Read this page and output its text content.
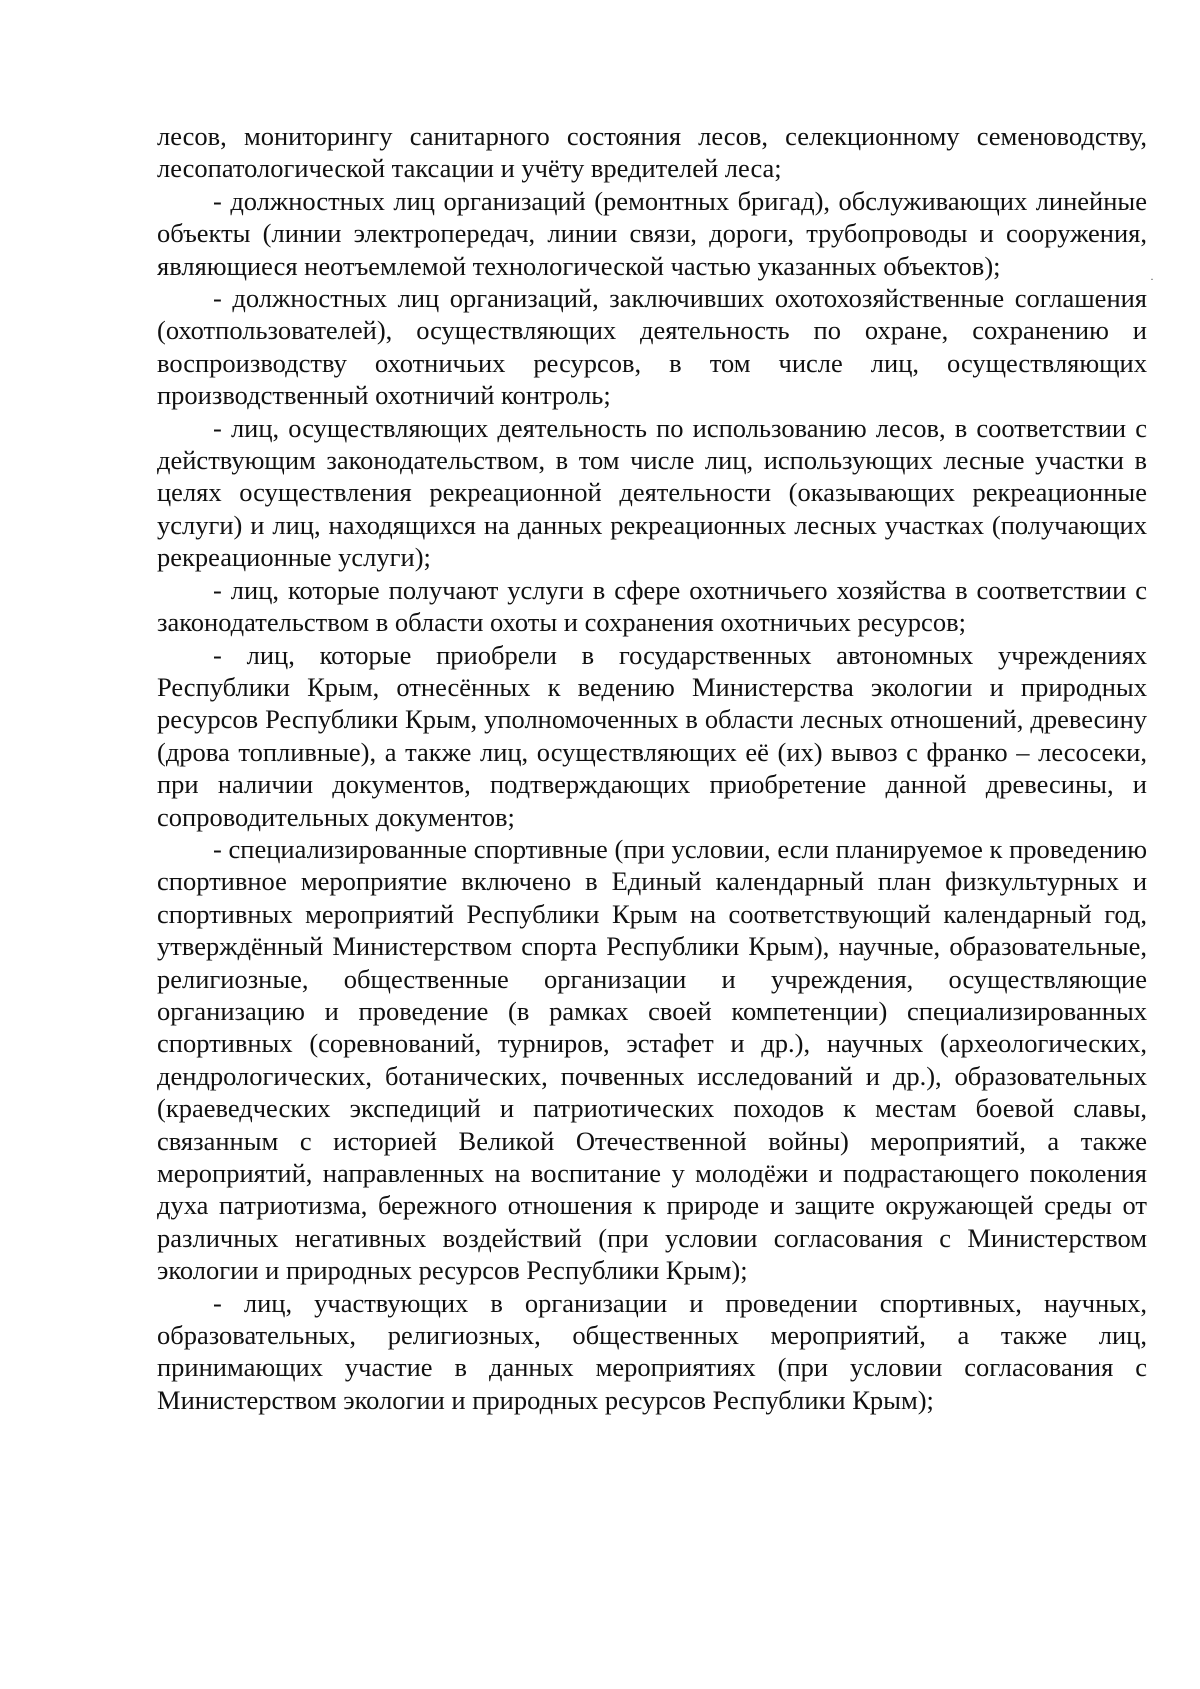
лесов, мониторингу санитарного состояния лесов, селекционному семеноводству, лесопатологической таксации и учёту вредителей леса;

- должностных лиц организаций (ремонтных бригад), обслуживающих линейные объекты (линии электропередач, линии связи, дороги, трубопроводы и сооружения, являющиеся неотъемлемой технологической частью указанных объектов);

- должностных лиц организаций, заключивших охотохозяйственные соглашения (охотпользователей), осуществляющих деятельность по охране, сохранению и воспроизводству охотничьих ресурсов, в том числе лиц, осуществляющих производственный охотничий контроль;

- лиц, осуществляющих деятельность по использованию лесов, в соответствии с действующим законодательством, в том числе лиц, использующих лесные участки в целях осуществления рекреационной деятельности (оказывающих рекреационные услуги) и лиц, находящихся на данных рекреационных лесных участках (получающих рекреационные услуги);

- лиц, которые получают услуги в сфере охотничьего хозяйства в соответствии с законодательством в области охоты и сохранения охотничьих ресурсов;

- лиц, которые приобрели в государственных автономных учреждениях Республики Крым, отнесённых к ведению Министерства экологии и природных ресурсов Республики Крым, уполномоченных в области лесных отношений, древесину (дрова топливные), а также лиц, осуществляющих её (их) вывоз с франко – лесосеки, при наличии документов, подтверждающих приобретение данной древесины, и сопроводительных документов;

- специализированные спортивные (при условии, если планируемое к проведению спортивное мероприятие включено в Единый календарный план физкультурных и спортивных мероприятий Республики Крым на соответствующий календарный год, утверждённый Министерством спорта Республики Крым), научные, образовательные, религиозные, общественные организации и учреждения, осуществляющие организацию и проведение (в рамках своей компетенции) специализированных спортивных (соревнований, турниров, эстафет и др.), научных (археологических, дендрологических, ботанических, почвенных исследований и др.), образовательных (краеведческих экспедиций и патриотических походов к местам боевой славы, связанным с историей Великой Отечественной войны) мероприятий, а также мероприятий, направленных на воспитание у молодёжи и подрастающего поколения духа патриотизма, бережного отношения к природе и защите окружающей среды от различных негативных воздействий (при условии согласования с Министерством экологии и природных ресурсов Республики Крым);

- лиц, участвующих в организации и проведении спортивных, научных, образовательных, религиозных, общественных мероприятий, а также лиц, принимающих участие в данных мероприятиях (при условии согласования с Министерством экологии и природных ресурсов Республики Крым);

·
